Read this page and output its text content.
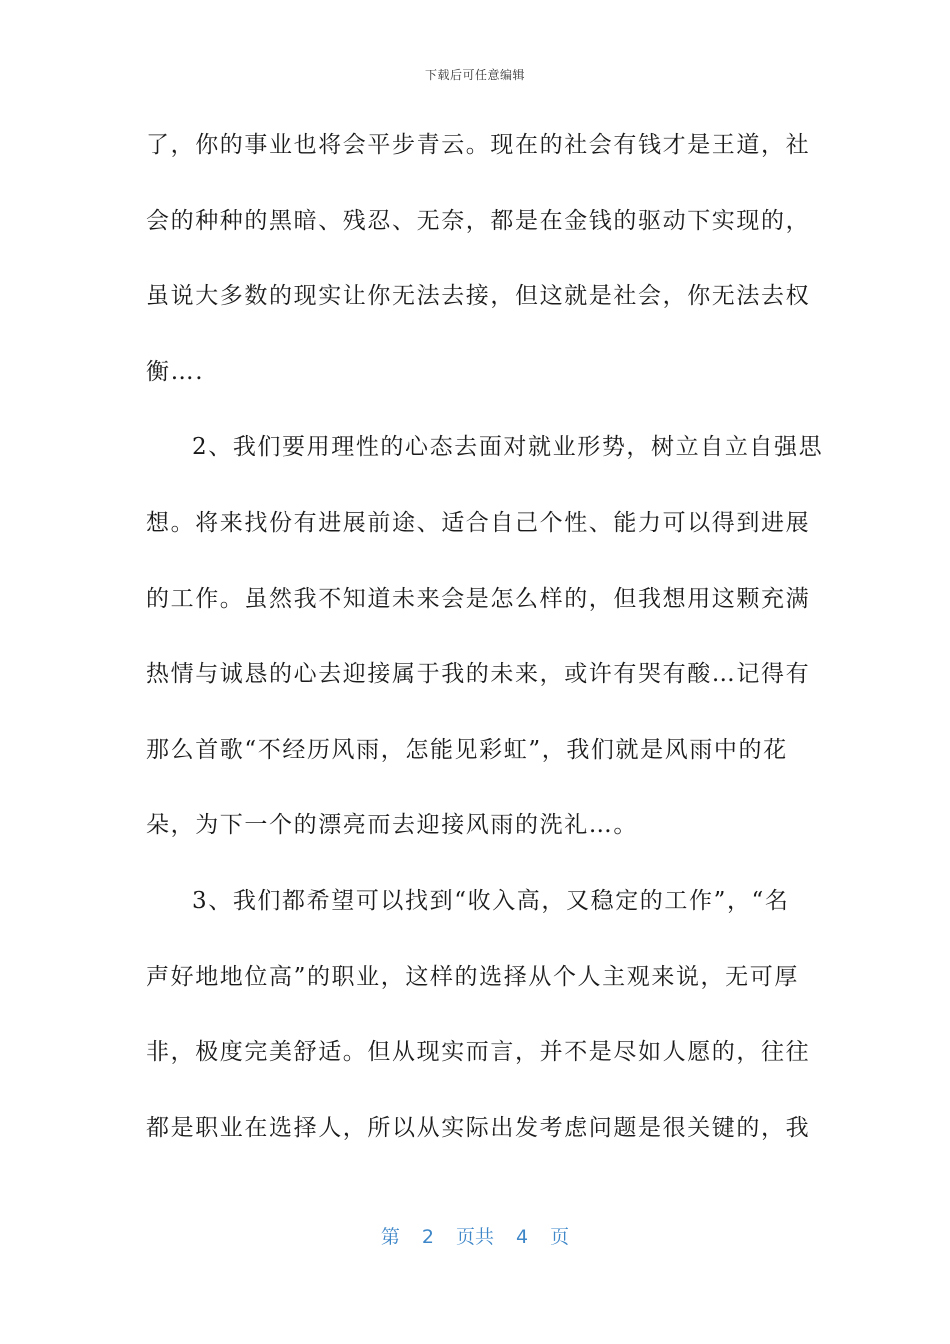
下载后可任意编辑
了，你的事业也将会平步青云。现在的社会有钱才是王道，社
会的种种的黑暗、残忍、无奈，都是在金钱的驱动下实现的，
虽说大多数的现实让你无法去接，但这就是社会，你无法去权
衡….
2、我们要用理性的心态去面对就业形势，树立自立自强思
想。将来找份有进展前途、适合自己个性、能力可以得到进展
的工作。虽然我不知道未来会是怎么样的，但我想用这颗充满
热情与诚恳的心去迎接属于我的未来，或许有哭有酸…记得有
那么首歌“不经历风雨，怎能见彩虹”，我们就是风雨中的花
朵，为下一个的漂亮而去迎接风雨的洗礼…。
3、我们都希望可以找到“收入高，又稳定的工作”，“名
声好地地位高”的职业，这样的选择从个人主观来说，无可厚
非，极度完美舒适。但从现实而言，并不是尽如人愿的，往往
都是职业在选择人，所以从实际出发考虑问题是很关键的，我
第 2 页共 4 页
